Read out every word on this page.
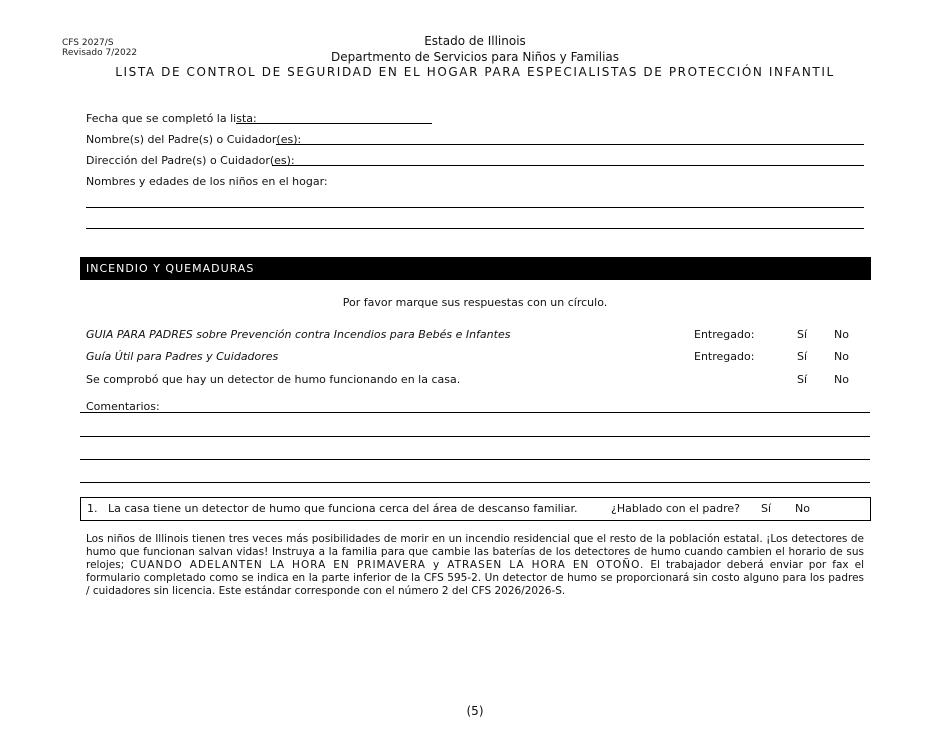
CFS 2027/S
Revisado 7/2022
Estado de Illinois
Departmento de Servicios para Niños y Familias
LISTA DE CONTROL DE SEGURIDAD EN EL HOGAR PARA ESPECIALISTAS DE PROTECCIÓN INFANTIL
Fecha que se completó la lista:
Nombre(s) del Padre(s) o Cuidador(es):
Dirección del Padre(s) o Cuidador(es):
Nombres y edades de los niños en el hogar:
INCENDIO Y QUEMADURAS
Por favor marque sus respuestas con un círculo.
GUIA PARA PADRES sobre Prevención contra Incendios para Bebés e Infantes	Entregado:	Sí No
Guía Útil para Padres y Cuidadores	Entregado:	Sí No
Se comprobó que hay un detector de humo funcionando en la casa.	Sí No
Comentarios:
1. La casa tiene un detector de humo que funciona cerca del área de descanso familiar.	¿Hablado con el padre? Sí No
Los niños de Illinois tienen tres veces más posibilidades de morir en un incendio residencial que el resto de la población estatal. ¡Los detectores de humo que funcionan salvan vidas! Instruya a la familia para que cambie las baterías de los detectores de humo cuando cambien el horario de sus relojes; CUANDO ADELANTEN LA HORA EN PRIMAVERA y ATRASEN LA HORA EN OTOÑO. El trabajador deberá enviar por fax el formulario completado como se indica en la parte inferior de la CFS 595-2. Un detector de humo se proporcionará sin costo alguno para los padres / cuidadores sin licencia. Este estándar corresponde con el número 2 del CFS 2026/2026-S.
(5)
